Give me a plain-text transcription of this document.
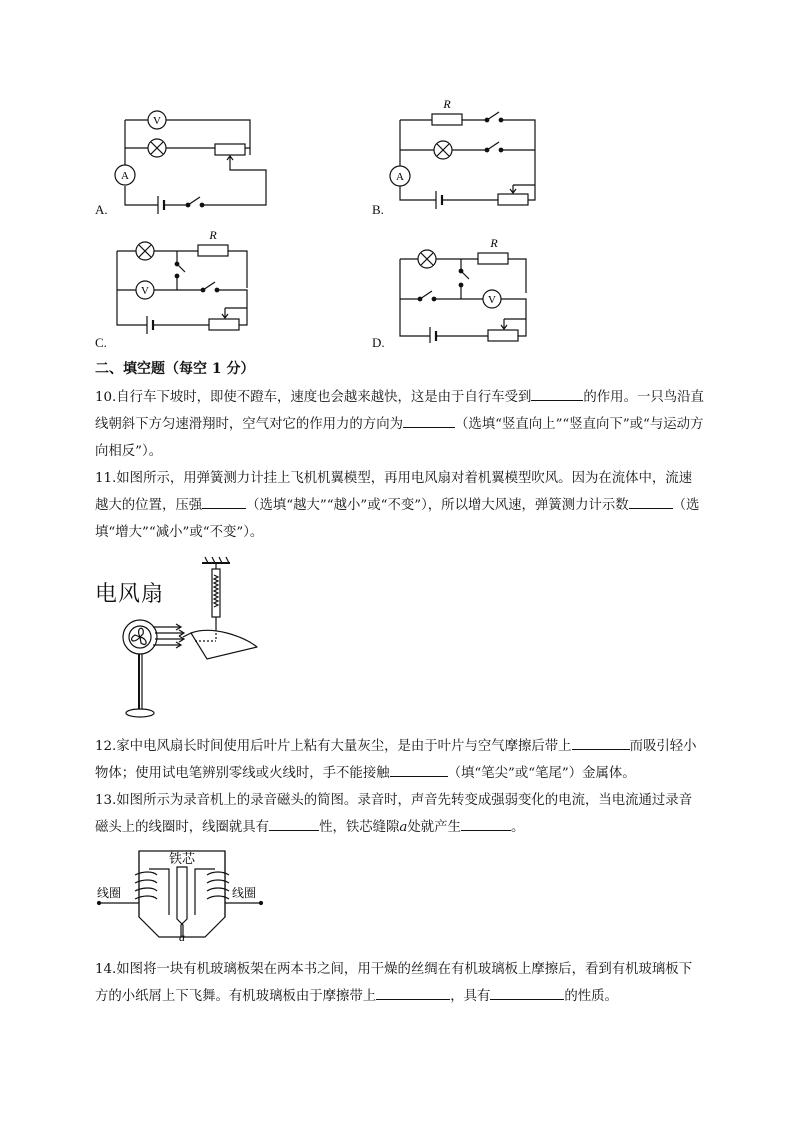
V
A
A.
R
A
B.
R
V
C.
R
V
D.
二、填空题（每空 1 分）
10.自行车下坡时，即使不蹬车，速度也会越来越快，这是由于自行车受到	的作用。一只鸟沿直线朝斜下方匀速滑翔时，空气对它的作用力的方向为	（选填“竖直向上”“竖直向下”或“与运动方向相反”）。
11.如图所示，用弹簧测力计挂上飞机机翼模型，再用电风扇对着机翼模型吹风。因为在流体中，流速越大的位置，压强	（选填“越大”“越小”或“不变”），所以增大风速，弹簧测力计示数	（选填“增大”“减小”或“不变”）。
电风扇
12.家中电风扇长时间使用后叶片上粘有大量灰尘，是由于叶片与空气摩擦后带上	而吸引轻小物体；使用试电笔辨别零线或火线时，手不能接触	（填“笔尖”或“笔尾”）金属体。
13.如图所示为录音机上的录音磁头的简图。录音时，声音先转变成强弱变化的电流，当电流通过录音磁头上的线圈时，线圈就具有	性，铁芯缝隙a处就产生	。
铁芯
线圈	线圈
a
14.如图将一块有机玻璃板架在两本书之间，用干燥的丝绸在有机玻璃板上摩擦后，看到有机玻璃板下方的小纸屑上下飞舞。有机玻璃板由于摩擦带上	，具有	的性质。
